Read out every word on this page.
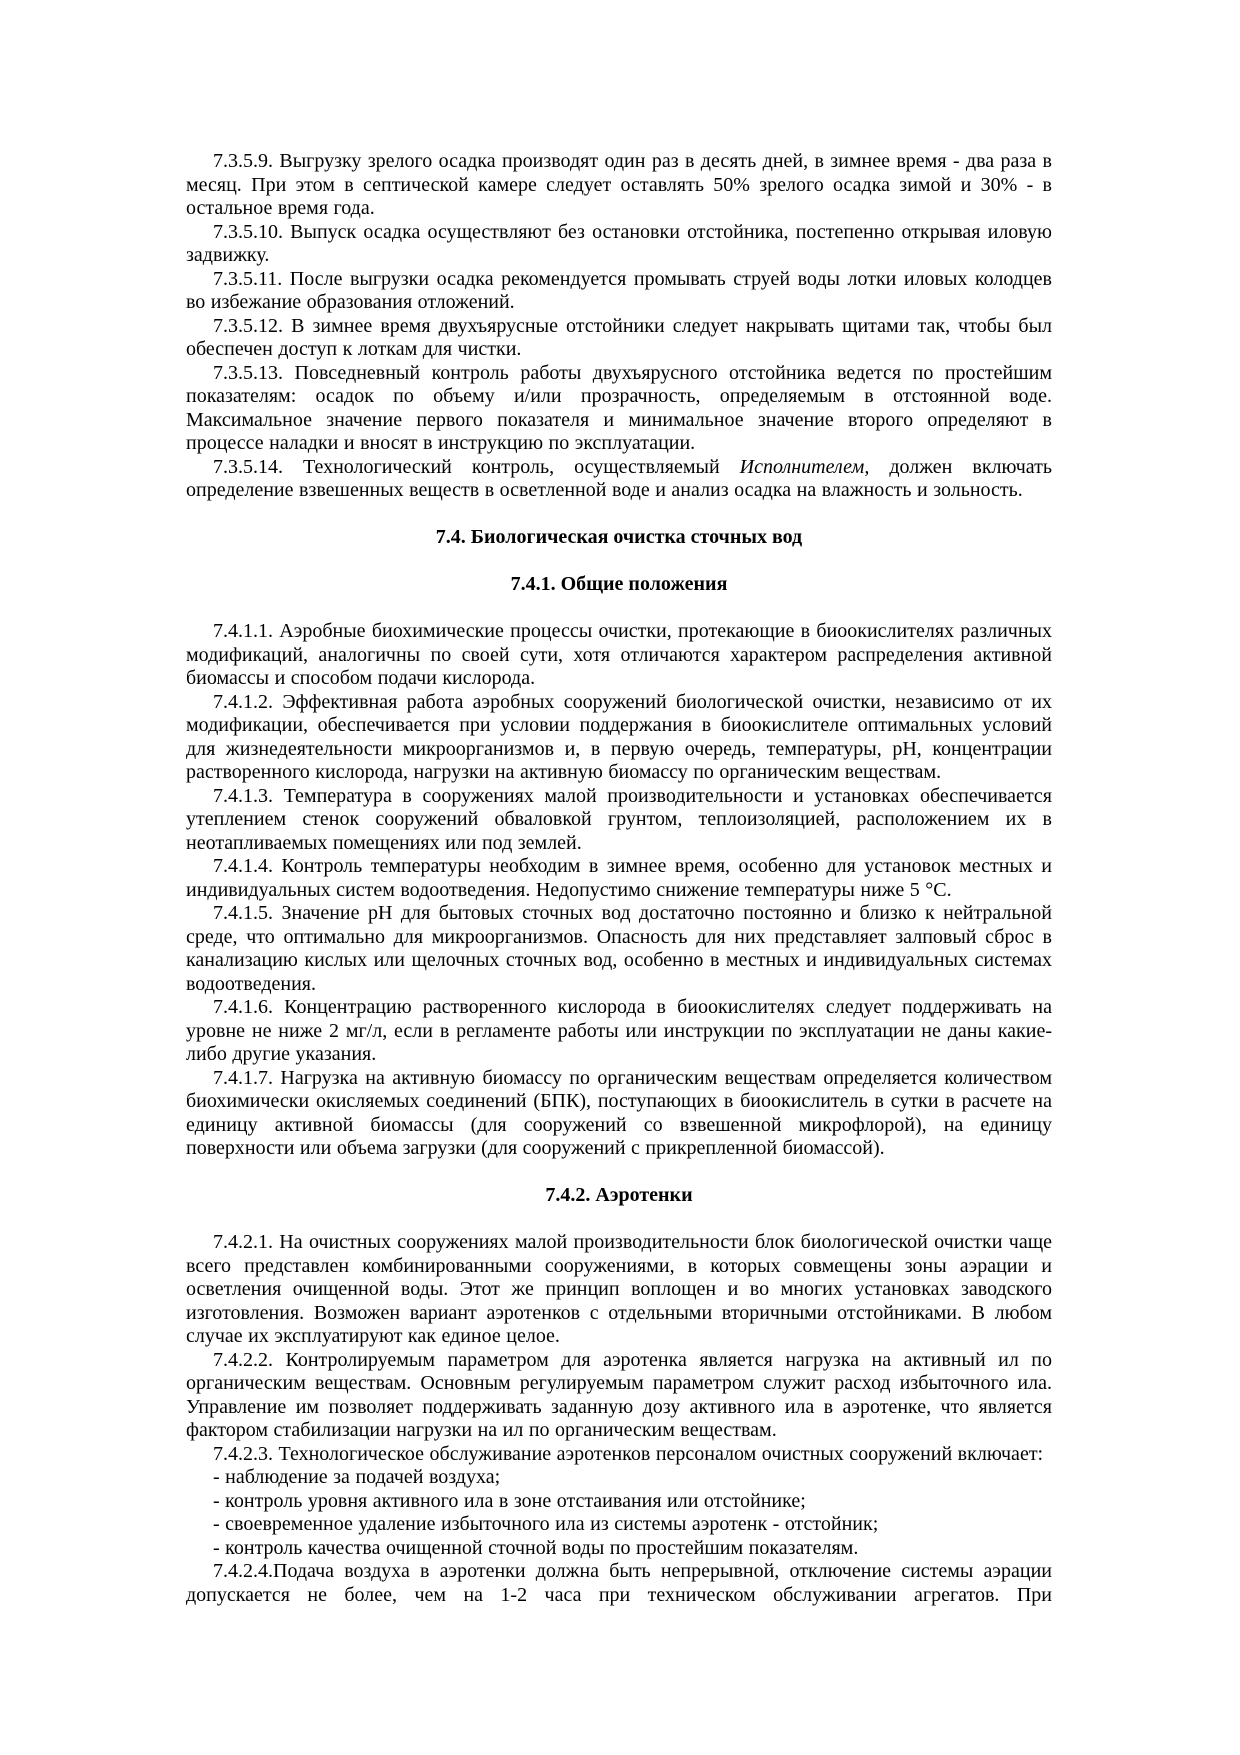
7.3.5.9. Выгрузку зрелого осадка производят один раз в десять дней, в зимнее время - два раза в месяц. При этом в септической камере следует оставлять 50% зрелого осадка зимой и 30% - в остальное время года.

7.3.5.10. Выпуск осадка осуществляют без остановки отстойника, постепенно открывая иловую задвижку.

7.3.5.11. После выгрузки осадка рекомендуется промывать струей воды лотки иловых колодцев во избежание образования отложений.

7.3.5.12. В зимнее время двухъярусные отстойники следует накрывать щитами так, чтобы был обеспечен доступ к лоткам для чистки.

7.3.5.13. Повседневный контроль работы двухъярусного отстойника ведется по простейшим показателям: осадок по объему и/или прозрачность, определяемым в отстоянной воде. Максимальное значение первого показателя и минимальное значение второго определяют в процессе наладки и вносят в инструкцию по эксплуатации.

7.3.5.14. Технологический контроль, осуществляемый Исполнителем, должен включать определение взвешенных веществ в осветленной воде и анализ осадка на влажность и зольность.

7.4. Биологическая очистка сточных вод
7.4.1. Общие положения

7.4.1.1. Аэробные биохимические процессы очистки, протекающие в биоокислителях различных модификаций, аналогичны по своей сути, хотя отличаются характером распределения активной биомассы и способом подачи кислорода.

7.4.1.2. Эффективная работа аэробных сооружений биологической очистки, независимо от их модификации, обеспечивается при условии поддержания в биоокислителе оптимальных условий для жизнедеятельности микроорганизмов и, в первую очередь, температуры, pH, концентрации растворенного кислорода, нагрузки на активную биомассу по органическим веществам.

7.4.1.3. Температура в сооружениях малой производительности и установках обеспечивается утеплением стенок сооружений обваловкой грунтом, теплоизоляцией, расположением их в неотапливаемых помещениях или под землей.

7.4.1.4. Контроль температуры необходим в зимнее время, особенно для установок местных и индивидуальных систем водоотведения. Недопустимо снижение температуры ниже 5 °С.

7.4.1.5. Значение pH для бытовых сточных вод достаточно постоянно и близко к нейтральной среде, что оптимально для микроорганизмов. Опасность для них представляет залповый сброс в канализацию кислых или щелочных сточных вод, особенно в местных и индивидуальных системах водоотведения.

7.4.1.6. Концентрацию растворенного кислорода в биоокислителях следует поддерживать на уровне не ниже 2 мг/л, если в регламенте работы или инструкции по эксплуатации не даны какие-либо другие указания.

7.4.1.7. Нагрузка на активную биомассу по органическим веществам определяется количеством биохимически окисляемых соединений (БПК), поступающих в биоокислитель в сутки в расчете на единицу активной биомассы (для сооружений со взвешенной микрофлорой), на единицу поверхности или объема загрузки (для сооружений с прикрепленной биомассой).

7.4.2. Аэротенки

7.4.2.1. На очистных сооружениях малой производительности блок биологической очистки чаще всего представлен комбинированными сооружениями, в которых совмещены зоны аэрации и осветления очищенной воды. Этот же принцип воплощен и во многих установках заводского изготовления. Возможен вариант аэротенков с отдельными вторичными отстойниками. В любом случае их эксплуатируют как единое целое.

7.4.2.2. Контролируемым параметром для аэротенка является нагрузка на активный ил по органическим веществам. Основным регулируемым параметром служит расход избыточного ила. Управление им позволяет поддерживать заданную дозу активного ила в аэротенке, что является фактором стабилизации нагрузки на ил по органическим веществам.

7.4.2.3. Технологическое обслуживание аэротенков персоналом очистных сооружений включает:

- наблюдение за подачей воздуха;

- контроль уровня активного ила в зоне отстаивания или отстойнике;

- своевременное удаление избыточного ила из системы аэротенк - отстойник;

- контроль качества очищенной сточной воды по простейшим показателям.

7.4.2.4.Подача воздуха в аэротенки должна быть непрерывной, отключение системы аэрации допускается не более, чем на 1-2 часа при техническом обслуживании агрегатов. При
